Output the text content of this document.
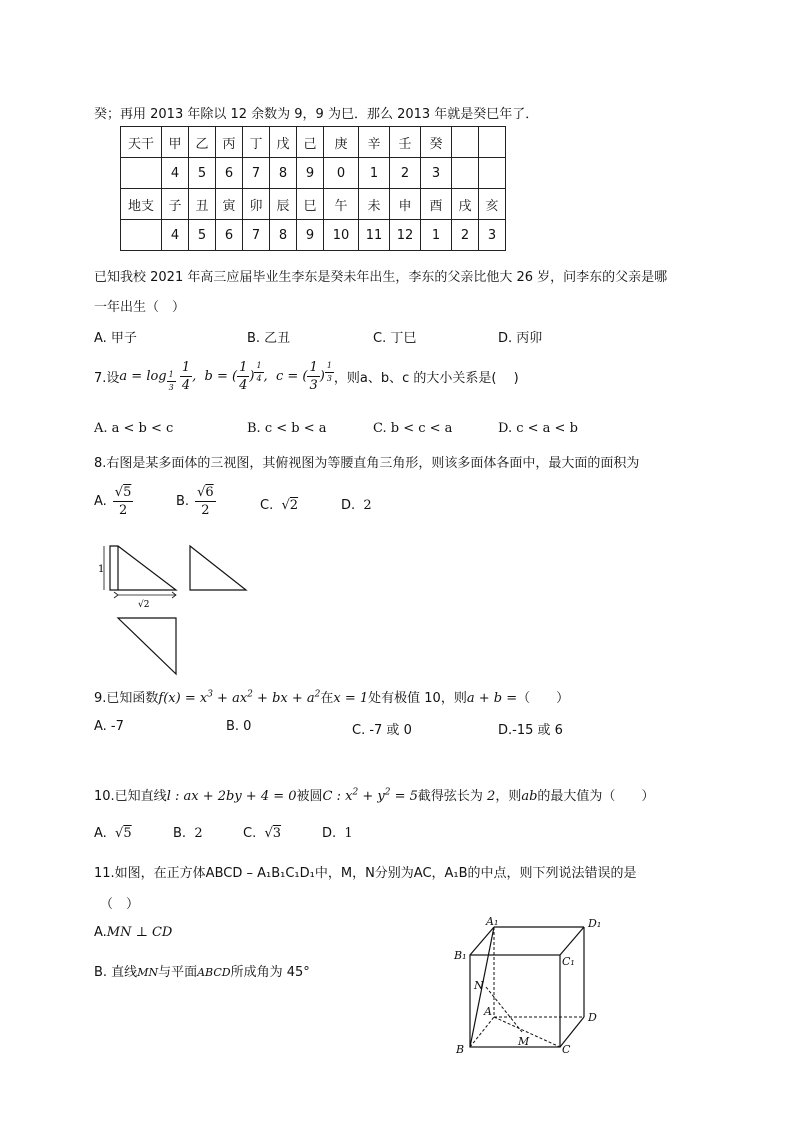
癸；再用 2013 年除以 12 余数为 9，9 为巳．那么 2013 年就是癸巳年了．
天干	甲	乙	丙	丁	戊	己	庚	辛	壬	癸		
	4	5	6	7	8	9	0	1	2	3		
地支	子	丑	寅	卯	辰	巳	午	未	申	酉	戌	亥
	4	5	6	7	8	9	10	11	12	1	2	3
已知我校 2021 年高三应届毕业生李东是癸未年出生，李东的父亲比他大 26 岁，问李东的父亲是哪
一年出生（　）
A. 甲子	B. 乙丑	C. 丁巳	D. 丙卯
7.设 a = log $_{\frac{1}{3}}$
$\frac{1}{4}$ ,  b = ( $\frac{1}{4}$ ) $^{\frac{1}{4}}$ ,  c = ( $\frac{1}{3}$ ) $^{\frac{1}{3}}$ ，则a、b、c 的大小关系是(　 )
A. a < b < c	B. c < b < a	C. b < c < a	D. c < a < b
8.右图是某多面体的三视图，其俯视图为等腰直角三角形，则该多面体各面中，最大面的面积为
A. $\frac{√5}{2}$	B. $\frac{√6}{2}$	C.  √2	D.  2
1
√2
9.已知函数$f(x) = x^3 + ax^2$ + bx + $a^2$在x = 1处有极值 10，则a + b =（　　）
A. -7	B. 0	C. -7 或 0	D.-15 或 6
10.已知直线l : ax + 2by + 4 = 0被圆C : $x^2 + y^2 = 5$截得弦长为 2，则ab的最大值为（　　）
A.  √5	B.  2	C.  √3	D.  1
11.如图，在正方体ABCD – A₁B₁C₁D₁中，M，N分别为AC，A₁B的中点，则下列说法错误的是
（　）
A.MN ⊥ CD
B. 直线MN与平面ABCD所成角为 45°
A₁	D₁
B₁	C₁
N
A	D
B
M
C
